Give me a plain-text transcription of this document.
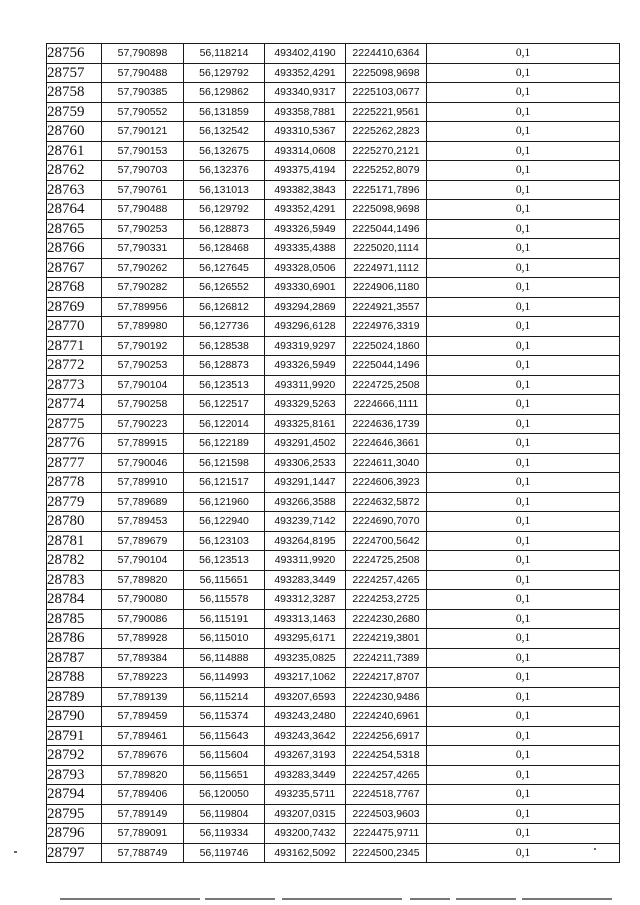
28756	57,790898	56,118214	493402,4190	2224410,6364	0,1
28757	57,790488	56,129792	493352,4291	2225098,9698	0,1
28758	57,790385	56,129862	493340,9317	2225103,0677	0,1
28759	57,790552	56,131859	493358,7881	2225221,9561	0,1
28760	57,790121	56,132542	493310,5367	2225262,2823	0,1
28761	57,790153	56,132675	493314,0608	2225270,2121	0,1
28762	57,790703	56,132376	493375,4194	2225252,8079	0,1
28763	57,790761	56,131013	493382,3843	2225171,7896	0,1
28764	57,790488	56,129792	493352,4291	2225098,9698	0,1
28765	57,790253	56,128873	493326,5949	2225044,1496	0,1
28766	57,790331	56,128468	493335,4388	2225020,1114	0,1
28767	57,790262	56,127645	493328,0506	2224971,1112	0,1
28768	57,790282	56,126552	493330,6901	2224906,1180	0,1
28769	57,789956	56,126812	493294,2869	2224921,3557	0,1
28770	57,789980	56,127736	493296,6128	2224976,3319	0,1
28771	57,790192	56,128538	493319,9297	2225024,1860	0,1
28772	57,790253	56,128873	493326,5949	2225044,1496	0,1
28773	57,790104	56,123513	493311,9920	2224725,2508	0,1
28774	57,790258	56,122517	493329,5263	2224666,1111	0,1
28775	57,790223	56,122014	493325,8161	2224636,1739	0,1
28776	57,789915	56,122189	493291,4502	2224646,3661	0,1
28777	57,790046	56,121598	493306,2533	2224611,3040	0,1
28778	57,789910	56,121517	493291,1447	2224606,3923	0,1
28779	57,789689	56,121960	493266,3588	2224632,5872	0,1
28780	57,789453	56,122940	493239,7142	2224690,7070	0,1
28781	57,789679	56,123103	493264,8195	2224700,5642	0,1
28782	57,790104	56,123513	493311,9920	2224725,2508	0,1
28783	57,789820	56,115651	493283,3449	2224257,4265	0,1
28784	57,790080	56,115578	493312,3287	2224253,2725	0,1
28785	57,790086	56,115191	493313,1463	2224230,2680	0,1
28786	57,789928	56,115010	493295,6171	2224219,3801	0,1
28787	57,789384	56,114888	493235,0825	2224211,7389	0,1
28788	57,789223	56,114993	493217,1062	2224217,8707	0,1
28789	57,789139	56,115214	493207,6593	2224230,9486	0,1
28790	57,789459	56,115374	493243,2480	2224240,6961	0,1
28791	57,789461	56,115643	493243,3642	2224256,6917	0,1
28792	57,789676	56,115604	493267,3193	2224254,5318	0,1
28793	57,789820	56,115651	493283,3449	2224257,4265	0,1
28794	57,789406	56,120050	493235,5711	2224518,7767	0,1
28795	57,789149	56,119804	493207,0315	2224503,9603	0,1
28796	57,789091	56,119334	493200,7432	2224475,9711	0,1
28797	57,788749	56,119746	493162,5092	2224500,2345	0,1
